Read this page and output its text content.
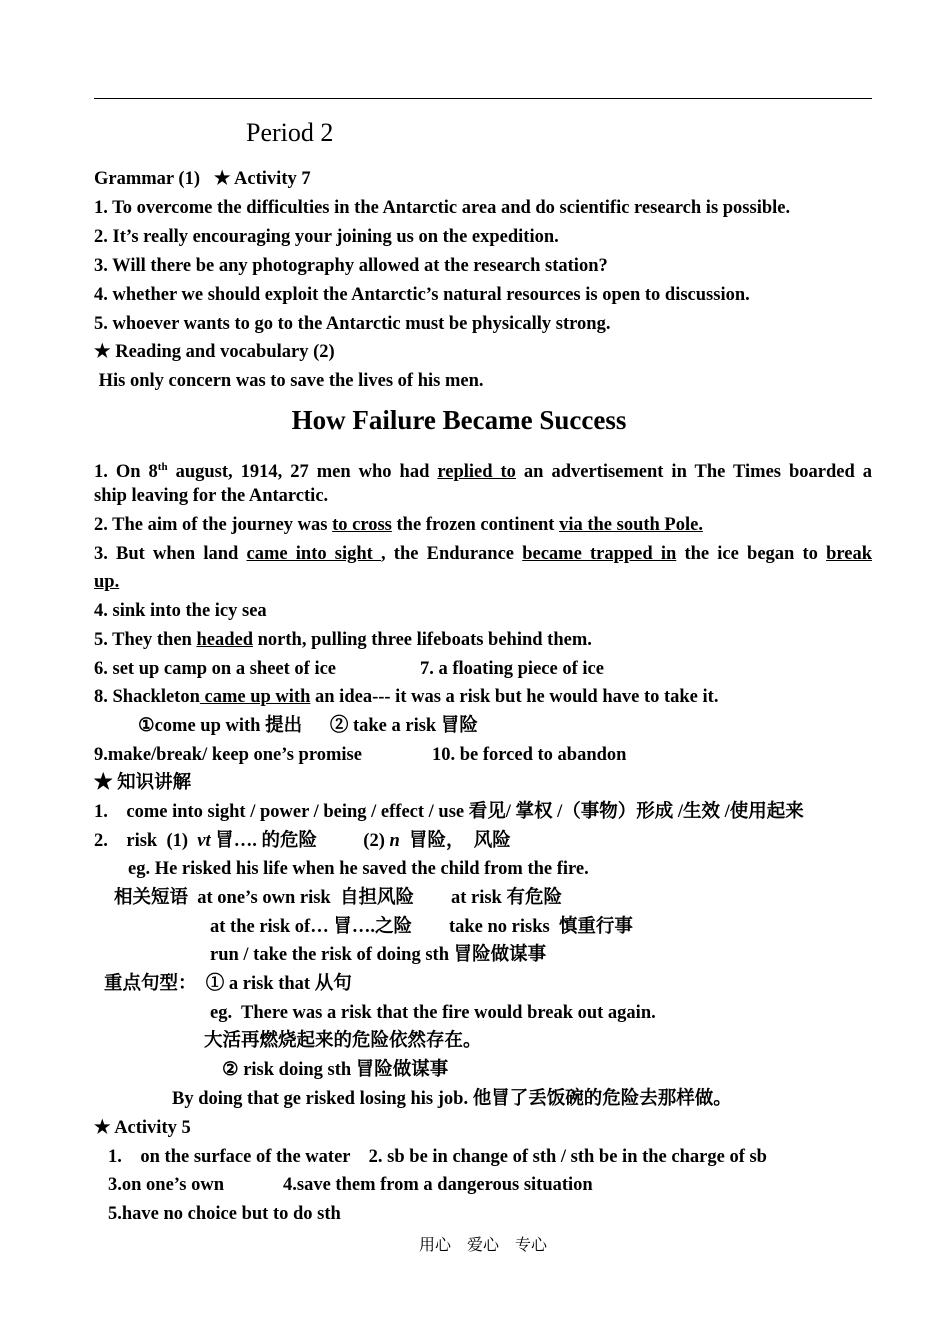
Period 2
Grammar (1)   ★ Activity 7
1. To overcome the difficulties in the Antarctic area and do scientific research is possible.
2. It’s really encouraging your joining us on the expedition.
3. Will there be any photography allowed at the research station?
4. whether we should exploit the Antarctic’s natural resources is open to discussion.
5. whoever wants to go to the Antarctic must be physically strong.
★ Reading and vocabulary (2)
His only concern was to save the lives of his men.
How Failure Became Success
1. On 8th august, 1914, 27 men who had replied to an advertisement in The Times boarded a
ship leaving for the Antarctic.
2. The aim of the journey was to cross the frozen continent via the south Pole.
3. But when land came into sight , the Endurance became trapped in the ice began to break
up.
4. sink into the icy sea
5. They then headed north, pulling three lifeboats behind them.
6. set up camp on a sheet of ice	7. a floating piece of ice
8. Shackleton came up with an idea--- it was a risk but he would have to take it.
①come up with 提出      ② take a risk 冒险
9.make/break/ keep one’s promise	10. be forced to abandon
★ 知识讲解
1.    come into sight / power / being / effect / use 看见/ 掌权 /（事物）形成 /生效 /使用起来
2.    risk  (1)  vt 冒…. 的危险          (2) n  冒险，  风险
eg. He risked his life when he saved the child from the fire.
相关短语  at one’s own risk  自担风险        at risk 有危险
at the risk of… 冒….之险        take no risks  慎重行事
run / take the risk of doing sth 冒险做谋事
重点句型：  ① a risk that 从句
eg.  There was a risk that the fire would break out again.
大活再燃烧起来的危险依然存在。
② risk doing sth 冒险做谋事
By doing that ge risked losing his job. 他冒了丢饭碗的危险去那样做。
★ Activity 5
1.    on the surface of the water    2. sb be in change of sth / sth be in the charge of sb
3.on one’s own	4.save them from a dangerous situation
5.have no choice but to do sth
用心    爱心    专心
